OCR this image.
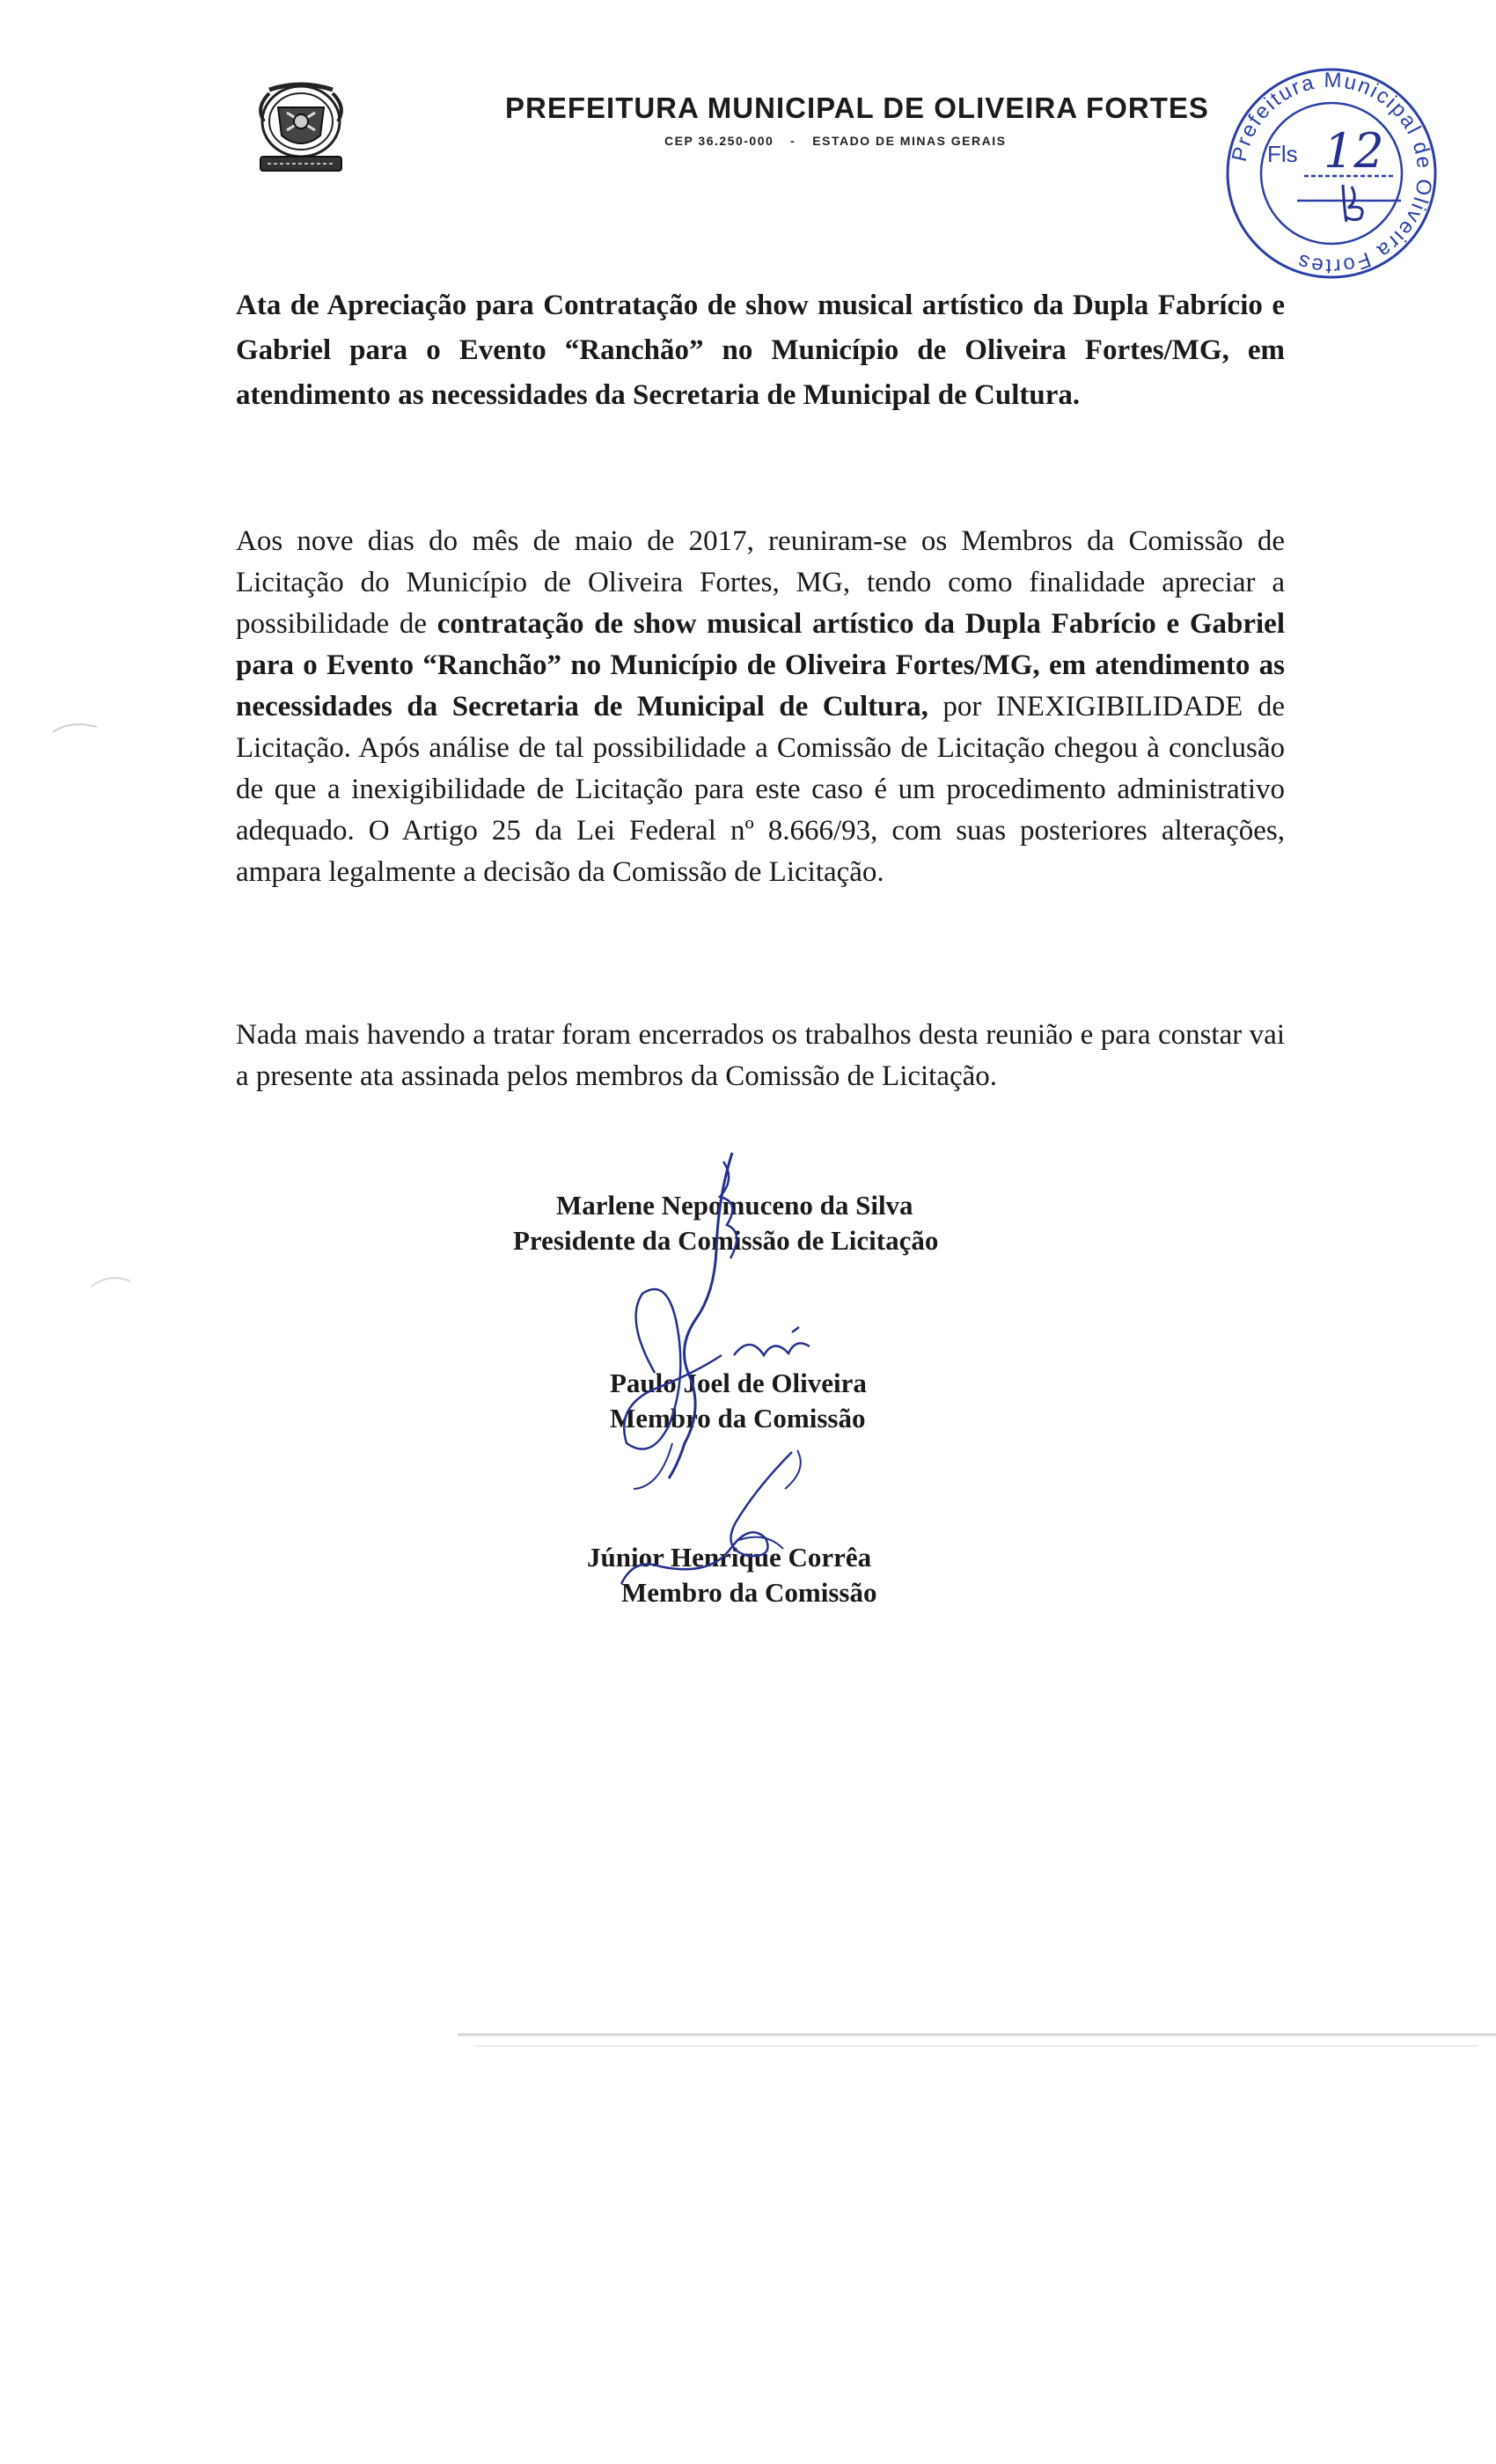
PREFEITURA MUNICIPAL DE OLIVEIRA FORTES
CEP 36.250-000 - ESTADO DE MINAS GERAIS
Prefeitura Municipal de Oliveira Fortes
Fls 12
Ata de Apreciação para Contratação de show musical artístico da Dupla Fabrício e Gabriel para o Evento “Ranchão” no Município de Oliveira Fortes/MG, em atendimento as necessidades da Secretaria de Municipal de Cultura.
Aos nove dias do mês de maio de 2017, reuniram-se os Membros da Comissão de Licitação do Município de Oliveira Fortes, MG, tendo como finalidade apreciar a possibilidade de contratação de show musical artístico da Dupla Fabrício e Gabriel para o Evento “Ranchão” no Município de Oliveira Fortes/MG, em atendimento as necessidades da Secretaria de Municipal de Cultura, por INEXIGIBILIDADE de Licitação. Após análise de tal possibilidade a Comissão de Licitação chegou à conclusão de que a inexigibilidade de Licitação para este caso é um procedimento administrativo adequado. O Artigo 25 da Lei Federal nº 8.666/93, com suas posteriores alterações, ampara legalmente a decisão da Comissão de Licitação.
Nada mais havendo a tratar foram encerrados os trabalhos desta reunião e para constar vai a presente ata assinada pelos membros da Comissão de Licitação.
Marlene Nepomuceno da Silva
Presidente da Comissão de Licitação
Paulo Joel de Oliveira
Membro da Comissão
Júnior Henrique Corrêa
Membro da Comissão
